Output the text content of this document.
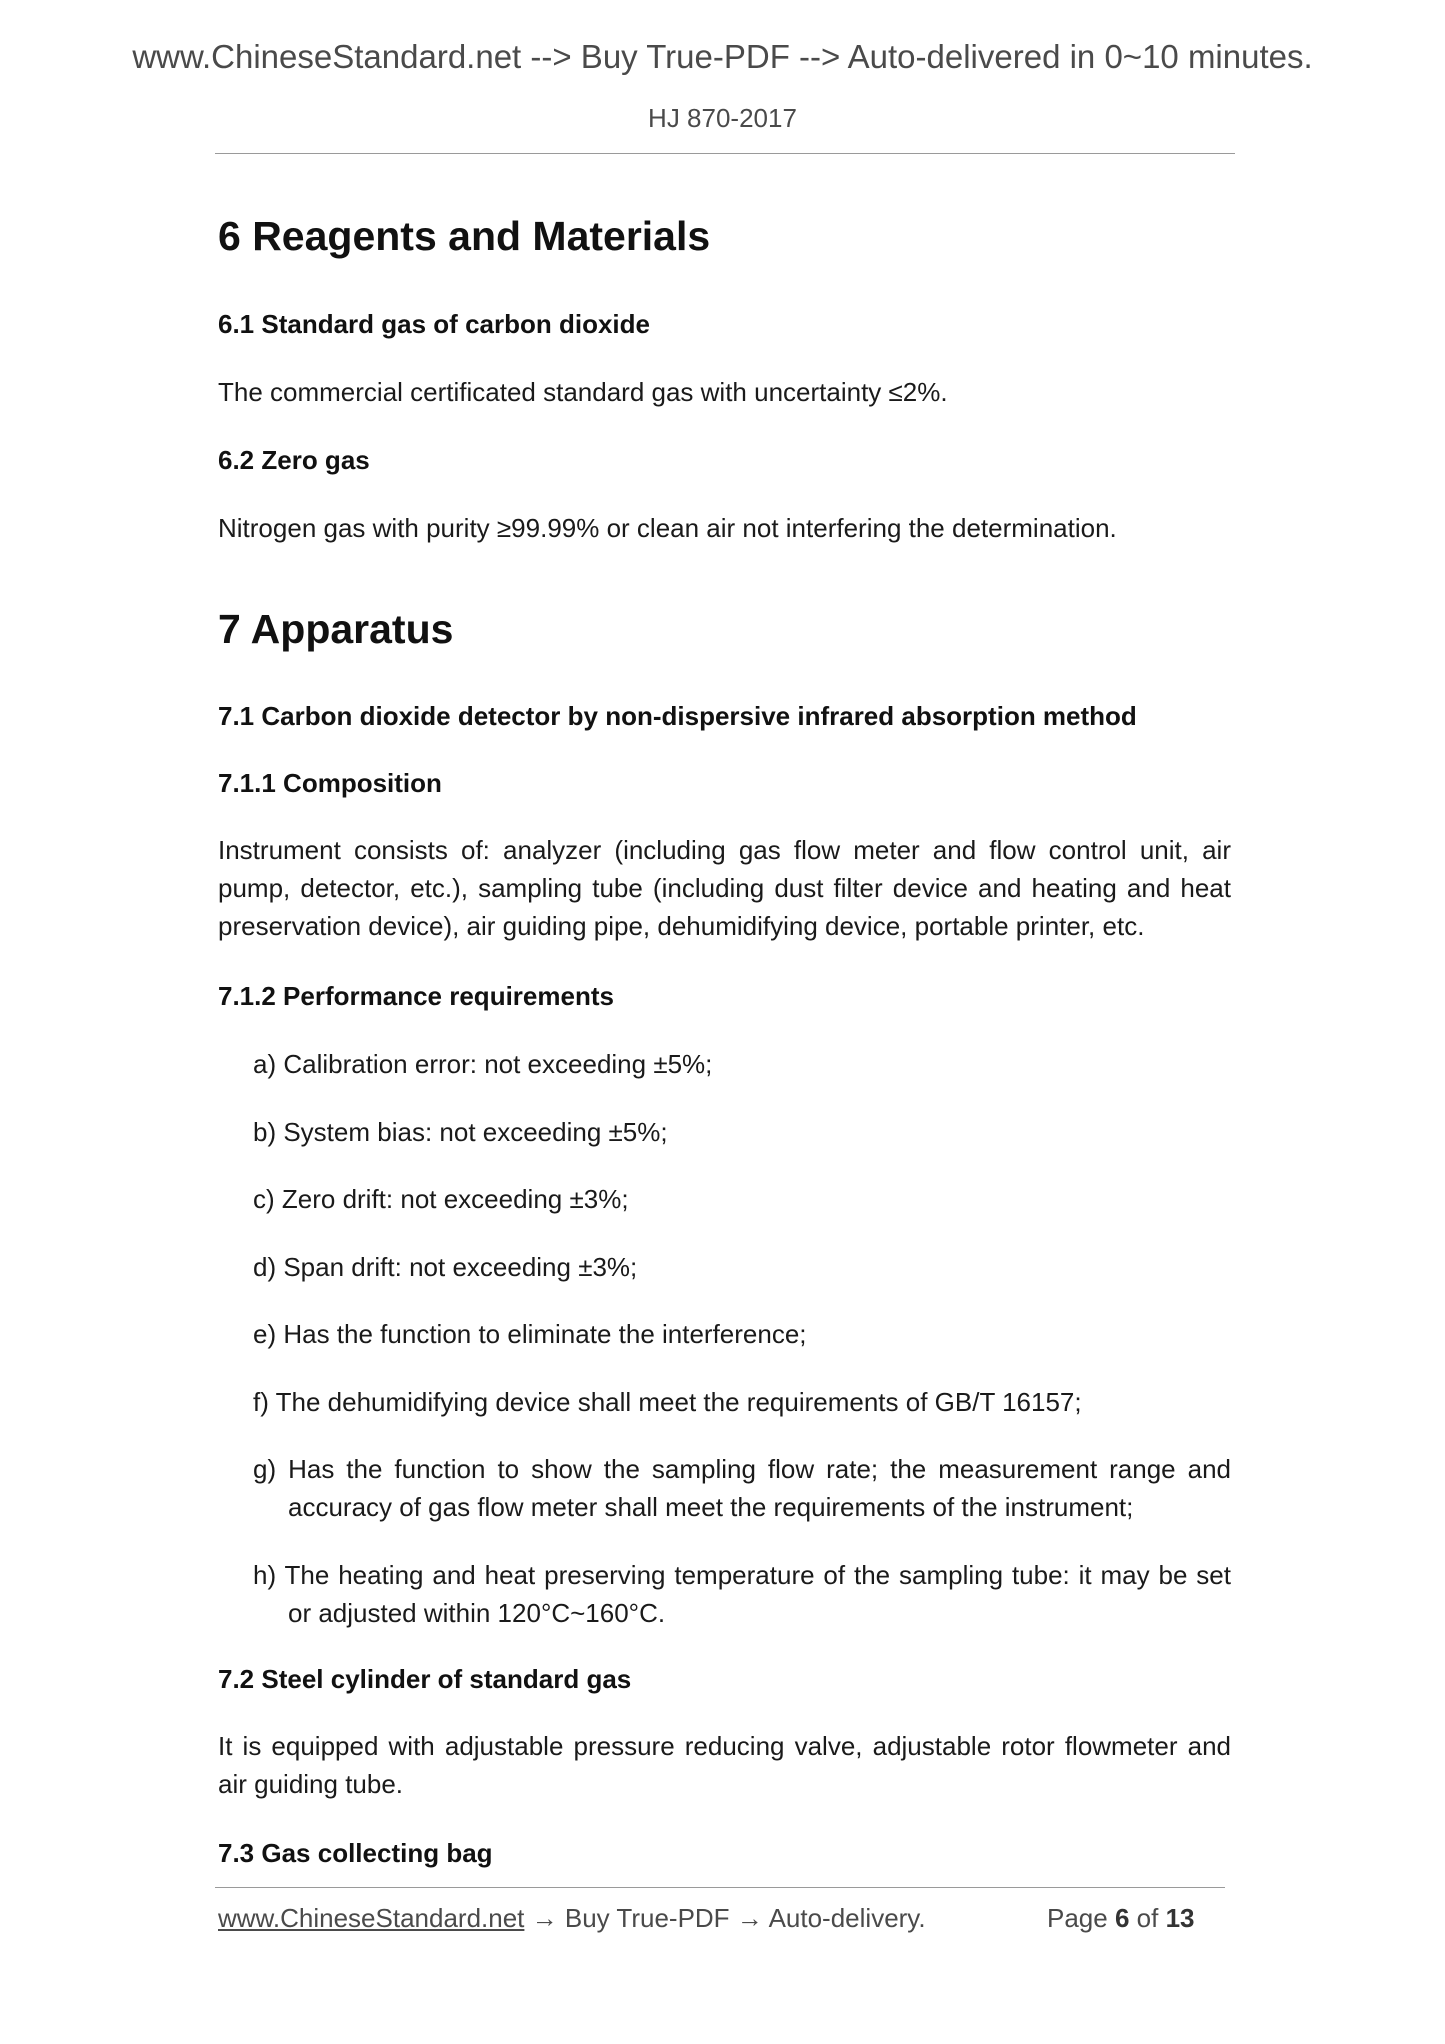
www.ChineseStandard.net --> Buy True-PDF --> Auto-delivered in 0~10 minutes.
HJ 870-2017
6 Reagents and Materials
6.1 Standard gas of carbon dioxide
The commercial certificated standard gas with uncertainty ≤2%.
6.2 Zero gas
Nitrogen gas with purity ≥99.99% or clean air not interfering the determination.
7 Apparatus
7.1 Carbon dioxide detector by non-dispersive infrared absorption method
7.1.1 Composition
Instrument consists of: analyzer (including gas flow meter and flow control unit, air pump, detector, etc.), sampling tube (including dust filter device and heating and heat preservation device), air guiding pipe, dehumidifying device, portable printer, etc.
7.1.2 Performance requirements
a) Calibration error: not exceeding ±5%;
b) System bias: not exceeding ±5%;
c) Zero drift: not exceeding ±3%;
d) Span drift: not exceeding ±3%;
e) Has the function to eliminate the interference;
f) The dehumidifying device shall meet the requirements of GB/T 16157;
g) Has the function to show the sampling flow rate; the measurement range and accuracy of gas flow meter shall meet the requirements of the instrument;
h) The heating and heat preserving temperature of the sampling tube: it may be set or adjusted within 120°C~160°C.
7.2 Steel cylinder of standard gas
It is equipped with adjustable pressure reducing valve, adjustable rotor flowmeter and air guiding tube.
7.3 Gas collecting bag
www.ChineseStandard.net → Buy True-PDF → Auto-delivery.	Page 6 of 13
